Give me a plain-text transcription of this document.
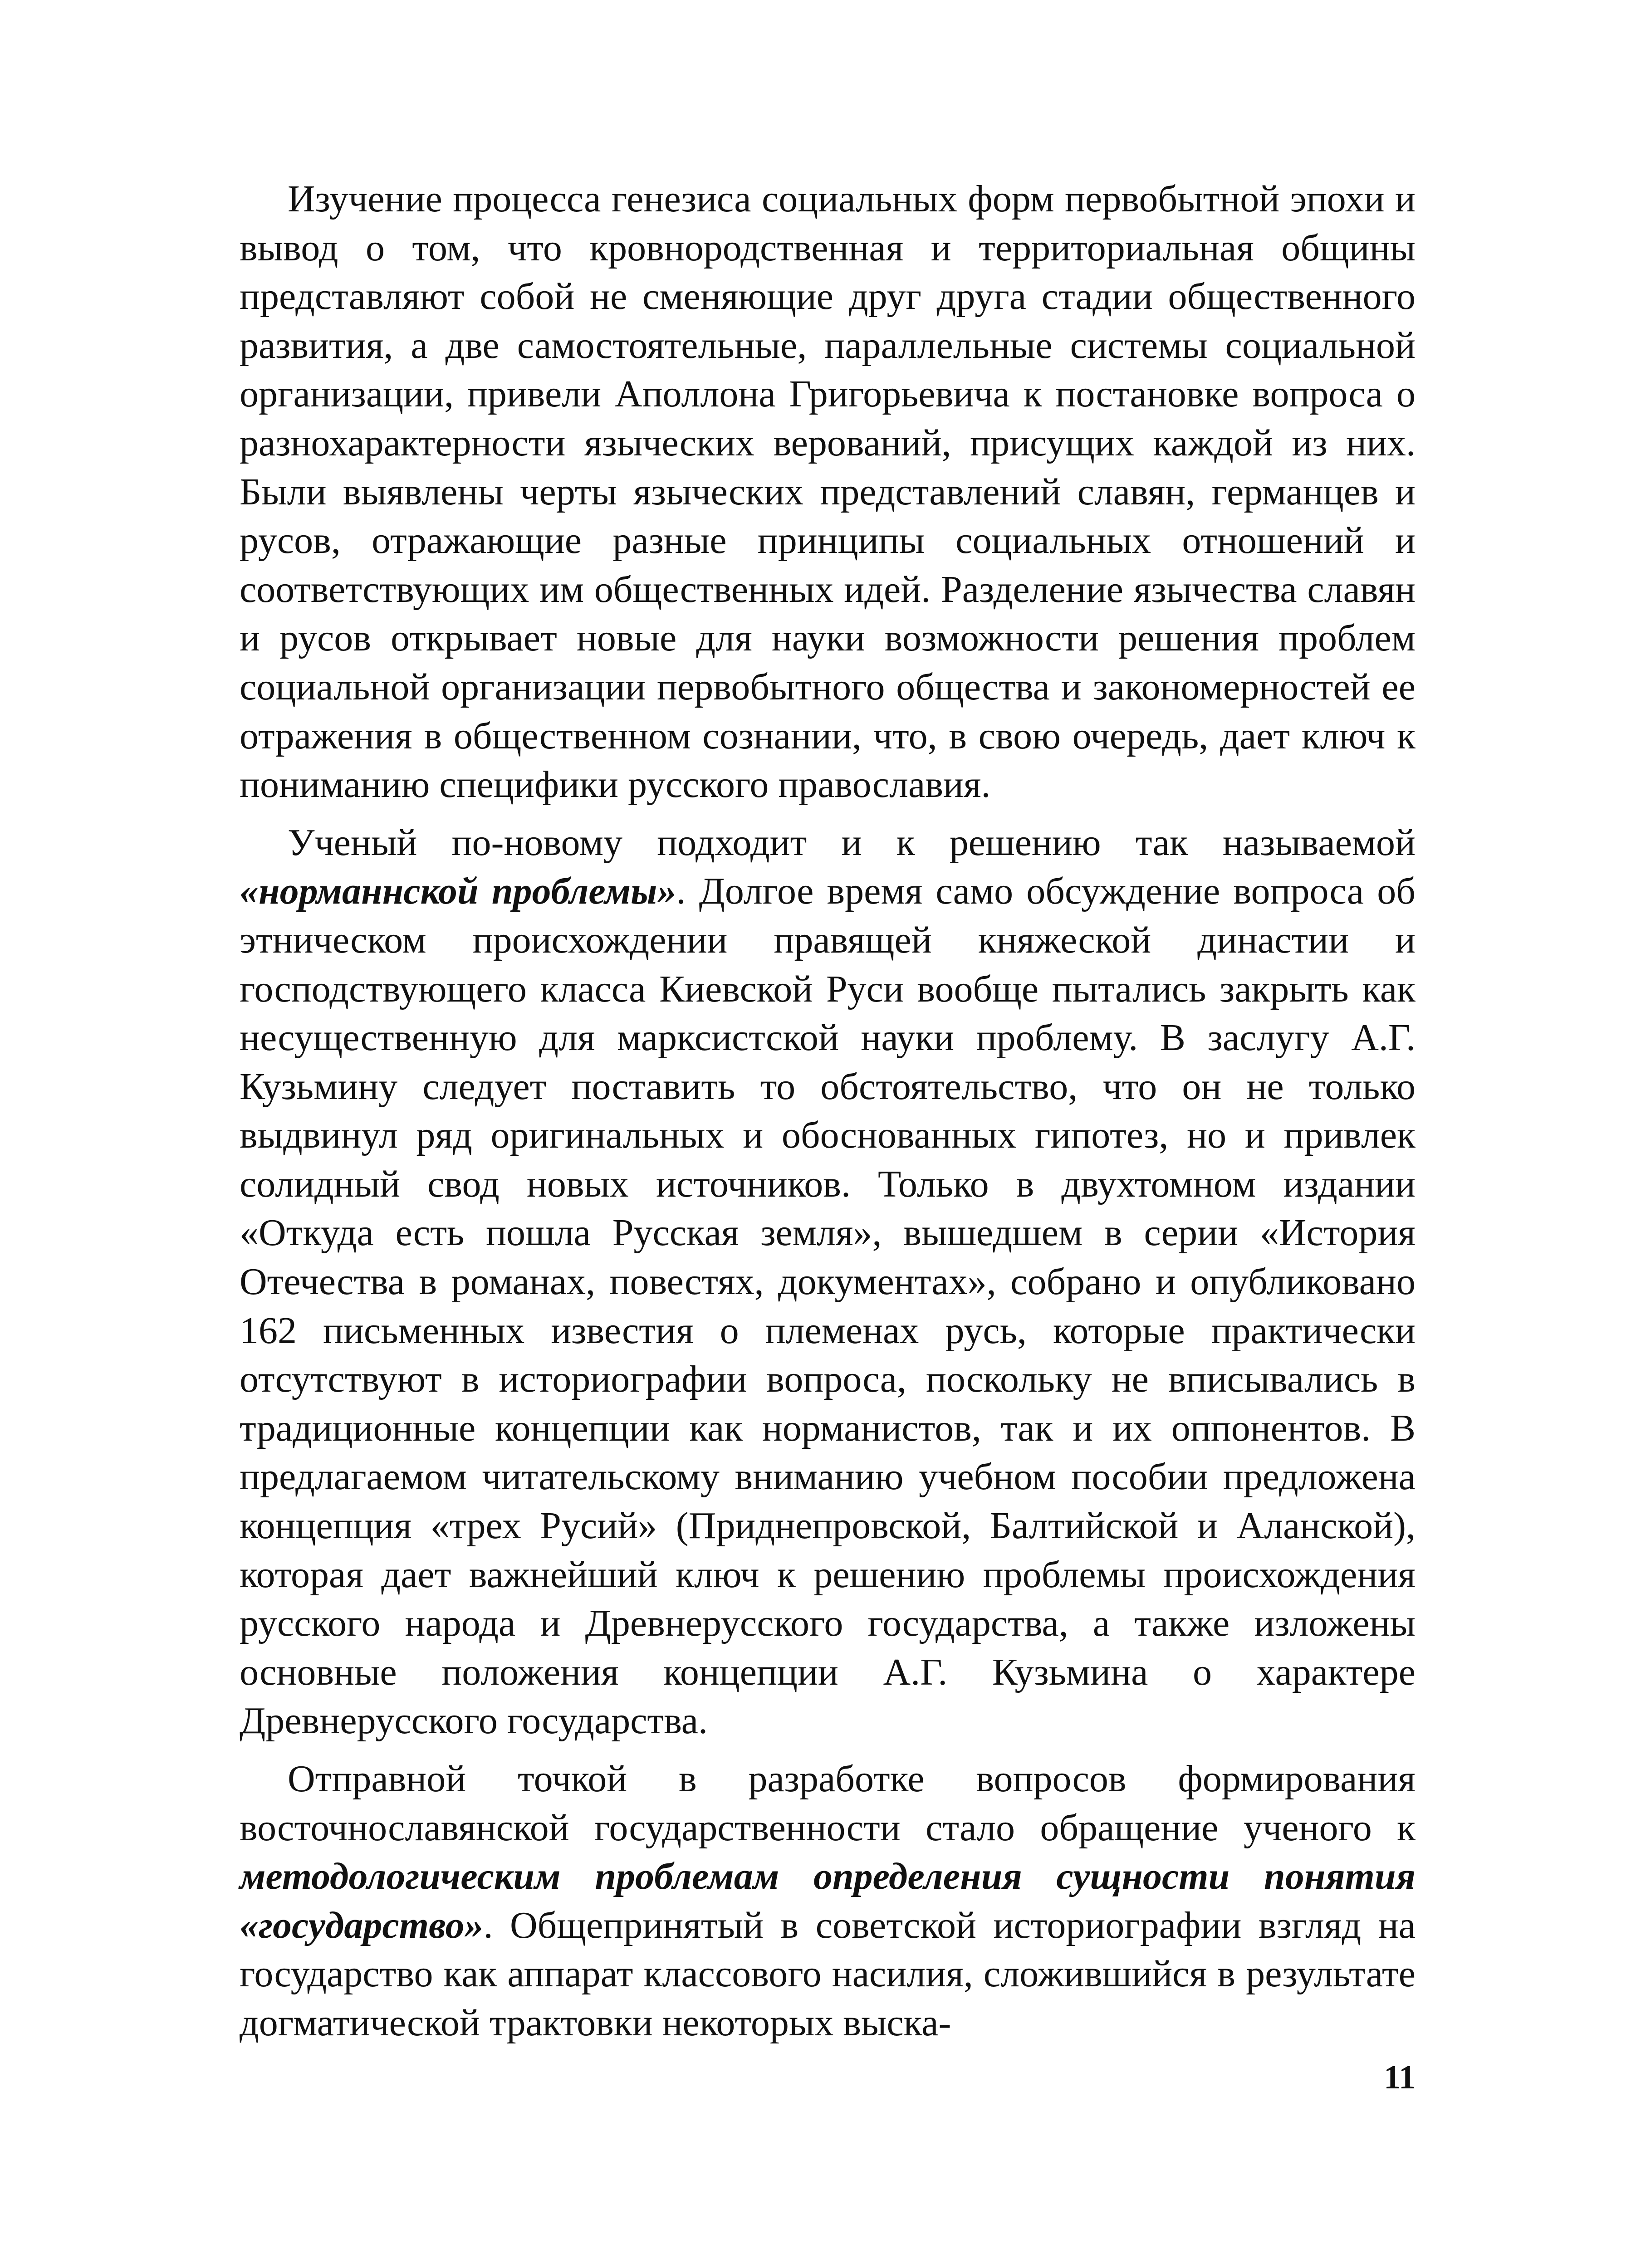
Изучение процесса генезиса социальных форм первобытной эпохи и вывод о том, что кровнородственная и территориальная общины представляют собой не сменяющие друг друга стадии общественного развития, а две самостоятельные, параллельные системы социальной организации, привели Аполлона Григорьевича к постановке вопроса о разнохарактерности языческих верований, присущих каждой из них. Были выявлены черты языческих представлений славян, германцев и русов, отражающие разные принципы социальных отношений и соответствующих им общественных идей. Разделение язычества славян и русов открывает новые для науки возможности решения проблем социальной организации первобытного общества и закономерностей ее отражения в общественном сознании, что, в свою очередь, дает ключ к пониманию специфики русского православия.

Ученый по-новому подходит и к решению так называемой «норманнской проблемы». Долгое время само обсуждение вопроса об этническом происхождении правящей княжеской династии и господствующего класса Киевской Руси вообще пытались закрыть как несущественную для марксистской науки проблему. В заслугу А.Г. Кузьмину следует поставить то обстоятельство, что он не только выдвинул ряд оригинальных и обоснованных гипотез, но и привлек солидный свод новых источников. Только в двухтомном издании «Откуда есть пошла Русская земля», вышедшем в серии «История Отечества в романах, повестях, документах», собрано и опубликовано 162 письменных известия о племенах русь, которые практически отсутствуют в историографии вопроса, поскольку не вписывались в традиционные концепции как норманистов, так и их оппонентов. В предлагаемом читательскому вниманию учебном пособии предложена концепция «трех Русий» (Приднепровской, Балтийской и Аланской), которая дает важнейший ключ к решению проблемы происхождения русского народа и Древнерусского государства, а также изложены основные положения концепции А.Г. Кузьмина о характере Древнерусского государства.

Отправной точкой в разработке вопросов формирования восточнославянской государственности стало обращение ученого к методологическим проблемам определения сущности понятия «государство». Общепринятый в советской историографии взгляд на государство как аппарат классового насилия, сложившийся в результате догматической трактовки некоторых выска-

11
